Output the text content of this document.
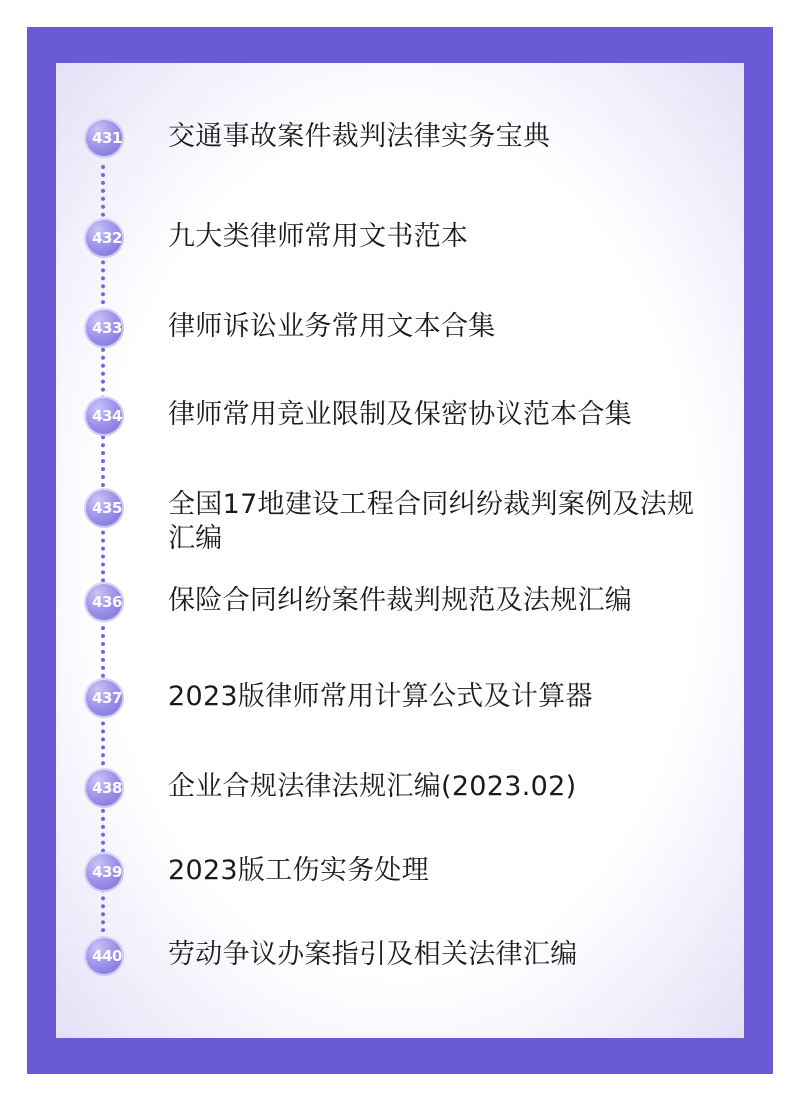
431 交通事故案件裁判法律实务宝典
432 九大类律师常用文书范本
433 律师诉讼业务常用文本合集
434 律师常用竞业限制及保密协议范本合集
435 全国17地建设工程合同纠纷裁判案例及法规汇编
436 保险合同纠纷案件裁判规范及法规汇编
437 2023版律师常用计算公式及计算器
438 企业合规法律法规汇编(2023.02)
439 2023版工伤实务处理
440 劳动争议办案指引及相关法律汇编
